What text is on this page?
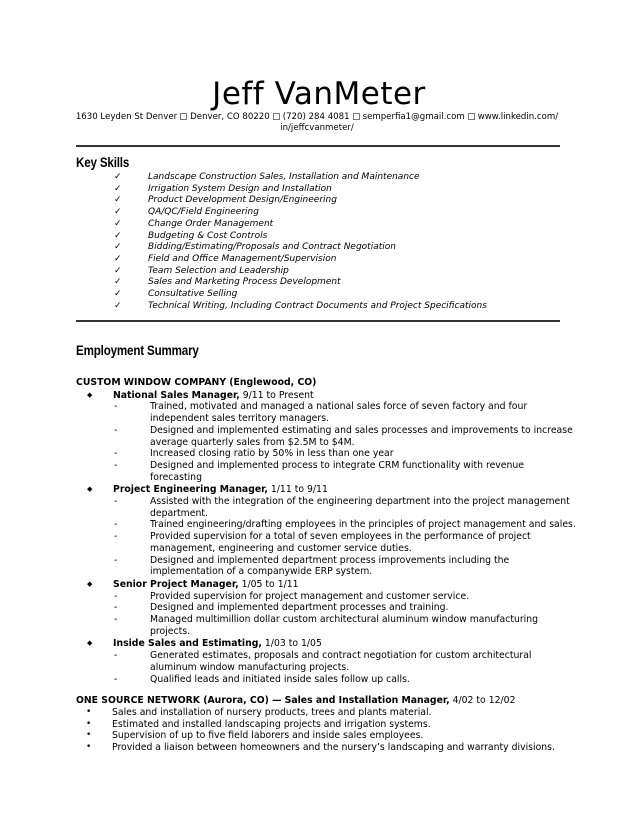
Jeff VanMeter
1630 Leyden St Denver Denver, CO 80220 (720) 284 4081 semperfia1@gmail.com www.linkedin.com/ in/jeffcvanmeter/
Key Skills
✓	Landscape Construction Sales, Installation and Maintenance
✓	Irrigation System Design and Installation
✓	Product Development Design/Engineering
✓	QA/QC/Field Engineering
✓	Change Order Management
✓	Budgeting & Cost Controls
✓	Bidding/Estimating/Proposals and Contract Negotiation
✓	Field and Office Management/Supervision
✓	Team Selection and Leadership
✓	Sales and Marketing Process Development
✓	Consultative Selling
✓	Technical Writing, Including Contract Documents and Project Specifications
Employment Summary
CUSTOM WINDOW COMPANY (Englewood, CO)
◆ National Sales Manager, 9/11 to Present
-	Trained, motivated and managed a national sales force of seven factory and four independent sales territory managers.
-	Designed and implemented estimating and sales processes and improvements to increase average quarterly sales from $2.5M to $4M.
-	Increased closing ratio by 50% in less than one year
-	Designed and implemented process to integrate CRM functionality with revenue forecasting
◆ Project Engineering Manager, 1/11 to 9/11
-	Assisted with the integration of the engineering department into the project management department.
-	Trained engineering/drafting employees in the principles of project management and sales.
-	Provided supervision for a total of seven employees in the performance of project management, engineering and customer service duties.
-	Designed and implemented department process improvements including the implementation of a companywide ERP system.
◆ Senior Project Manager, 1/05 to 1/11
-	Provided supervision for project management and customer service.
-	Designed and implemented department processes and training.
-	Managed multimillion dollar custom architectural aluminum window manufacturing projects.
◆ Inside Sales and Estimating, 1/03 to 1/05
-	Generated estimates, proposals and contract negotiation for custom architectural aluminum window manufacturing projects.
-	Qualified leads and initiated inside sales follow up calls.
ONE SOURCE NETWORK (Aurora, CO) — Sales and Installation Manager, 4/02 to 12/02
• Sales and installation of nursery products, trees and plants material.
• Estimated and installed landscaping projects and irrigation systems.
• Supervision of up to five field laborers and inside sales employees.
• Provided a liaison between homeowners and the nursery’s landscaping and warranty divisions.
